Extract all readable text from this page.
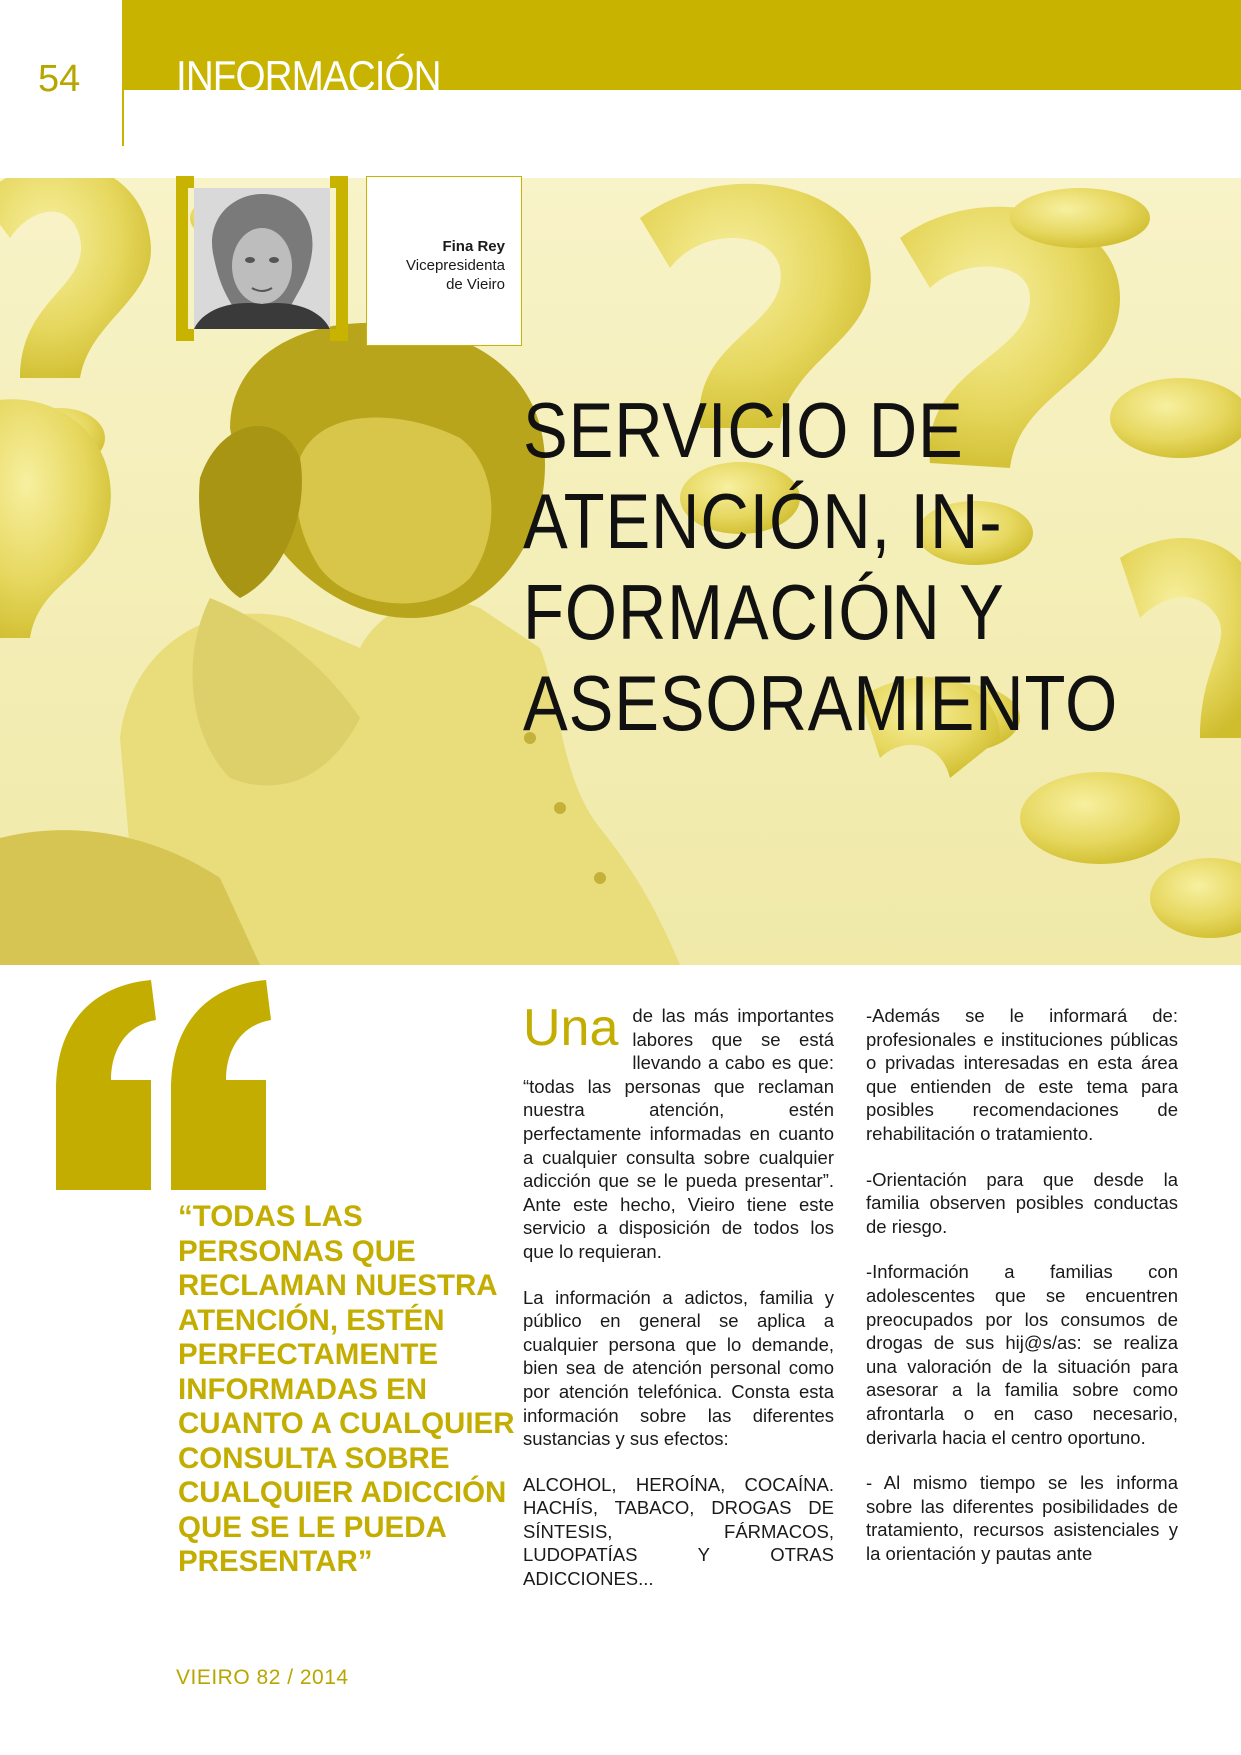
54 INFORMACIÓN
Fina Rey
Vicepresidenta
de Vieiro
SERVICIO DE
ATENCIÓN, IN-
FORMACIÓN Y
ASESORAMIENTO
“TODAS LAS
PERSONAS QUE
RECLAMAN NUESTRA
ATENCIÓN, ESTÉN
PERFECTAMENTE
INFORMADAS EN
CUANTO A CUALQUIER
CONSULTA SOBRE
CUALQUIER ADICCIÓN
QUE SE LE PUEDA
PRESENTAR”

Una de las más importantes labores que se está llevando a cabo es que: “todas las personas que reclaman nuestra atención, estén perfectamente informadas en cuanto a cualquier consulta sobre cualquier adicción que se le pueda presentar”. Ante este hecho, Vieiro tiene este servicio a disposición de todos los que lo requieran.

La información a adictos, familia y público en general se aplica a cualquier persona que lo demande, bien sea de atención personal como por atención telefónica. Consta esta información sobre las diferentes sustancias y sus efectos:

ALCOHOL, HEROÍNA, COCAÍNA. HACHÍS, TABACO, DROGAS DE SÍNTESIS, FÁRMACOS, LUDOPATÍAS Y OTRAS ADICCIONES...

-Además se le informará de: profesionales e instituciones públicas o privadas interesadas en esta área que entienden de este tema para posibles recomendaciones de rehabilitación o tratamiento.

-Orientación para que desde la familia observen posibles conductas de riesgo.

-Información a familias con adolescentes que se encuentren preocupados por los consumos de drogas de sus hij@s/as: se realiza una valoración de la situación para asesorar a la familia sobre como afrontarla o en caso necesario, derivarla hacia el centro oportuno.

- Al mismo tiempo se les informa sobre las diferentes posibilidades de tratamiento, recursos asistenciales y la orientación y pautas ante

VIEIRO 82 / 2014
